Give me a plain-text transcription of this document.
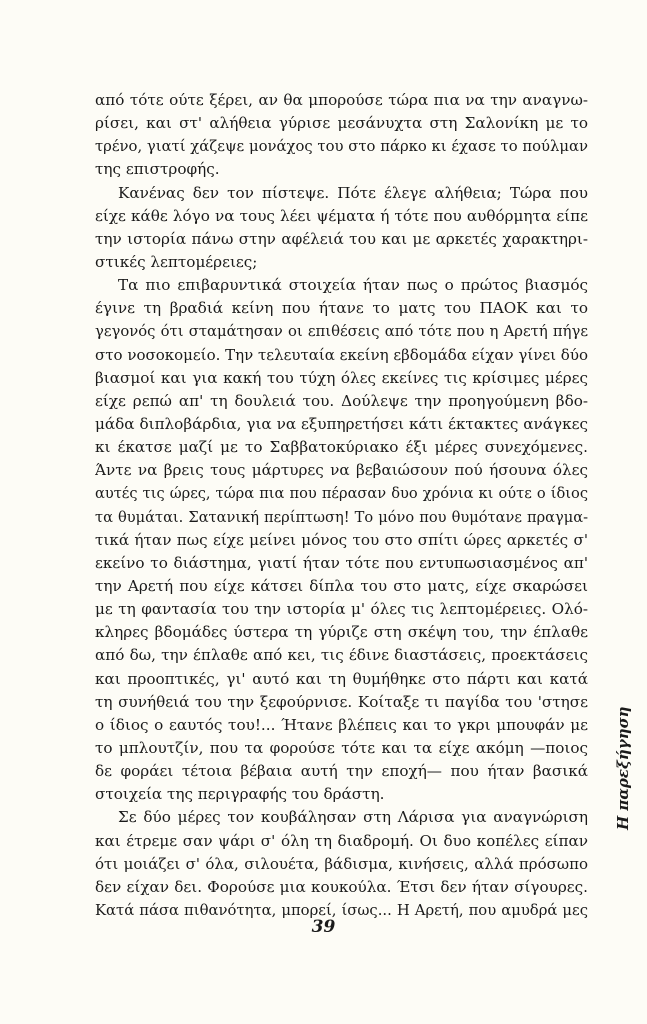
από τότε ούτε ξέρει, αν θα μπορούσε τώρα πια να την αναγνω-
ρίσει, και στ' αλήθεια γύρισε μεσάνυχτα στη Σαλονίκη με το
τρένο, γιατί χάζεψε μονάχος του στο πάρκο κι έχασε το πούλμαν
της επιστροφής.
Κανένας δεν τον πίστεψε. Πότε έλεγε αλήθεια; Τώρα που
είχε κάθε λόγο να τους λέει ψέματα ή τότε που αυθόρμητα είπε
την ιστορία πάνω στην αφέλειά του και με αρκετές χαρακτηρι-
στικές λεπτομέρειες;
Τα πιο επιβαρυντικά στοιχεία ήταν πως ο πρώτος βιασμός
έγινε τη βραδιά κείνη που ήτανε το ματς του ΠΑΟΚ και το
γεγονός ότι σταμάτησαν οι επιθέσεις από τότε που η Αρετή πήγε
στο νοσοκομείο. Την τελευταία εκείνη εβδομάδα είχαν γίνει δύο
βιασμοί και για κακή του τύχη όλες εκείνες τις κρίσιμες μέρες
είχε ρεπώ απ' τη δουλειά του. Δούλεψε την προηγούμενη βδο-
μάδα διπλοβάρδια, για να εξυπηρετήσει κάτι έκτακτες ανάγκες
κι έκατσε μαζί με το Σαββατοκύριακο έξι μέρες συνεχόμενες.
Άντε να βρεις τους μάρτυρες να βεβαιώσουν πού ήσουνα όλες
αυτές τις ώρες, τώρα πια που πέρασαν δυο χρόνια κι ούτε ο ίδιος
τα θυμάται. Σατανική περίπτωση! Το μόνο που θυμότανε πραγμα-
τικά ήταν πως είχε μείνει μόνος του στο σπίτι ώρες αρκετές σ'
εκείνο το διάστημα, γιατί ήταν τότε που εντυπωσιασμένος απ'
την Αρετή που είχε κάτσει δίπλα του στο ματς, είχε σκαρώσει
με τη φαντασία του την ιστορία μ' όλες τις λεπτομέρειες. Ολό-
κληρες βδομάδες ύστερα τη γύριζε στη σκέψη του, την έπλαθε
από δω, την έπλαθε από κει, τις έδινε διαστάσεις, προεκτάσεις
και προοπτικές, γι' αυτό και τη θυμήθηκε στο πάρτι και κατά
τη συνήθειά του την ξεφούρνισε. Κοίταξε τι παγίδα του 'στησε
ο ίδιος ο εαυτός του!... Ήτανε βλέπεις και το γκρι μπουφάν με
το μπλουτζίν, που τα φορούσε τότε και τα είχε ακόμη —ποιος
δε φοράει τέτοια βέβαια αυτή την εποχή— που ήταν βασικά
στοιχεία της περιγραφής του δράστη.
Σε δύο μέρες τον κουβάλησαν στη Λάρισα για αναγνώριση
και έτρεμε σαν ψάρι σ' όλη τη διαδρομή. Οι δυο κοπέλες είπαν
ότι μοιάζει σ' όλα, σιλουέτα, βάδισμα, κινήσεις, αλλά πρόσωπο
δεν είχαν δει. Φορούσε μια κουκούλα. Έτσι δεν ήταν σίγουρες.
Κατά πάσα πιθανότητα, μπορεί, ίσως... Η Αρετή, που αμυδρά μες
39
Η παρεξήγηση
